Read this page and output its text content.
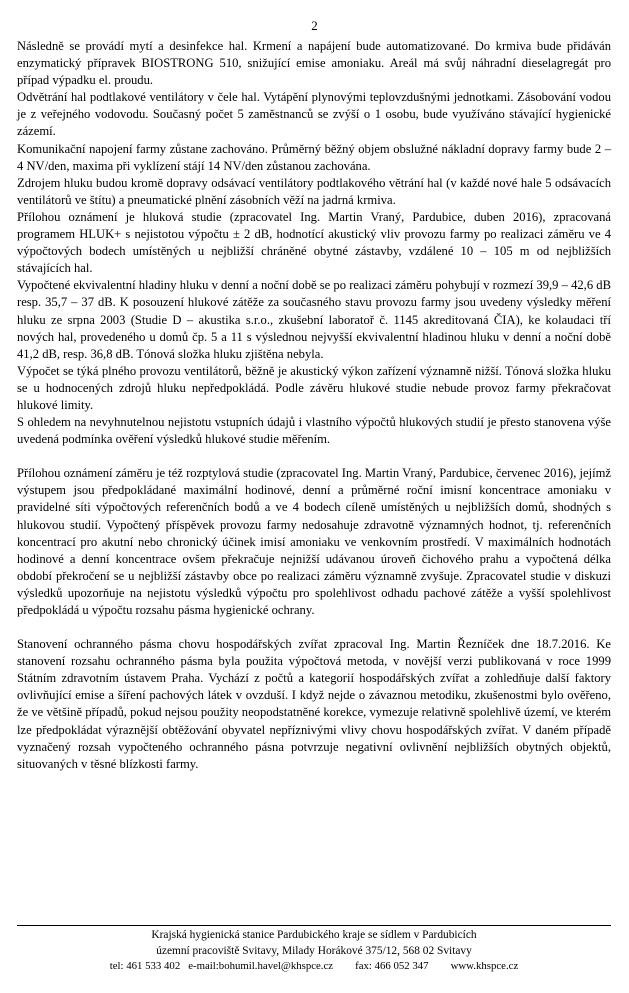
2

Následně se provádí mytí a desinfekce hal. Krmení a napájení bude automatizované. Do krmiva bude přidáván enzymatický přípravek BIOSTRONG 510, snižující emise amoniaku. Areál má svůj náhradní dieselagregát pro případ výpadku el. proudu.

Odvětrání hal podtlakové ventilátory v čele hal. Vytápění plynovými teplovzdušnými jednotkami. Zásobování vodou je z veřejného vodovodu. Současný počet 5 zaměstnanců se zvýší o 1 osobu, bude využíváno stávající hygienické zázemí.

Komunikační napojení farmy zůstane zachováno. Průměrný běžný objem obslužné nákladní dopravy farmy bude 2 – 4 NV/den, maxima při vyklízení stájí 14 NV/den zůstanou zachována.

Zdrojem hluku budou kromě dopravy odsávací ventilátory podtlakového větrání hal (v každé nové hale 5 odsávacích ventilátorů ve štítu) a pneumatické plnění zásobních věží na jadrná krmiva.

Přílohou oznámení je hluková studie (zpracovatel Ing. Martin Vraný, Pardubice, duben 2016), zpracovaná programem HLUK+ s nejistotou výpočtu ± 2 dB, hodnotící akustický vliv provozu farmy po realizaci záměru ve 4 výpočtových bodech umístěných u nejbližší chráněné obytné zástavby, vzdálené 10 – 105 m od nejbližších stávajících hal.

Vypočtené ekvivalentní hladiny hluku v denní a noční době se po realizaci záměru pohybují v rozmezí 39,9 – 42,6 dB resp. 35,7 – 37 dB. K posouzení hlukové zátěže za současného stavu provozu farmy jsou uvedeny výsledky měření hluku ze srpna 2003 (Studie D – akustika s.r.o., zkušební laboratoř č. 1145 akreditovaná ČIA), ke kolaudaci tří nových hal, provedeného u domů čp. 5 a 11 s výslednou nejvyšší ekvivalentní hladinou hluku v denní a noční době 41,2 dB, resp. 36,8 dB. Tónová složka hluku zjištěna nebyla.

Výpočet se týká plného provozu ventilátorů, běžně je akustický výkon zařízení významně nižší. Tónová složka hluku se u hodnocených zdrojů hluku nepředpokládá. Podle závěru hlukové studie nebude provoz farmy překračovat hlukové limity.

S ohledem na nevyhnutelnou nejistotu vstupních údajů i vlastního výpočtů hlukových studií je přesto stanovena výše uvedená podmínka ověření výsledků hlukové studie měřením.

Přílohou oznámení záměru je též rozptylová studie (zpracovatel Ing. Martin Vraný, Pardubice, červenec 2016), jejímž výstupem jsou předpokládané maximální hodinové, denní a průměrné roční imisní koncentrace amoniaku v pravidelné síti výpočtových referenčních bodů a ve 4 bodech cíleně umístěných u nejbližších domů, shodných s hlukovou studií. Vypočtený příspěvek provozu farmy nedosahuje zdravotně významných hodnot, tj. referenčních koncentrací pro akutní nebo chronický účinek imisí amoniaku ve venkovním prostředí. V maximálních hodnotách hodinové a denní koncentrace ovšem překračuje nejnižší udávanou úroveň čichového prahu a vypočtená délka období překročení se u nejbližší zástavby obce po realizaci záměru významně zvyšuje. Zpracovatel studie v diskuzi výsledků upozorňuje na nejistotu výsledků výpočtu pro spolehlivost odhadu pachové zátěže a vyšší spolehlivost předpokládá u výpočtu rozsahu pásma hygienické ochrany.

Stanovení ochranného pásma chovu hospodářských zvířat zpracoval Ing. Martin Řezníček dne 18.7.2016. Ke stanovení rozsahu ochranného pásma byla použita výpočtová metoda, v novější verzi publikovaná v roce 1999 Státním zdravotním ústavem Praha. Vychází z počtů a kategorií hospodářských zvířat a zohledňuje další faktory ovlivňující emise a šíření pachových látek v ovzduší. I když nejde o závaznou metodiku, zkušenostmi bylo ověřeno, že ve většině případů, pokud nejsou použity neopodstatněné korekce, vymezuje relativně spolehlivě území, ve kterém lze předpokládat výraznější obtěžování obyvatel nepříznivými vlivy chovu hospodářských zvířat. V daném případě vyznačený rozsah vypočteného ochranného pásna potvrzuje negativní ovlivnění nejbližších obytných objektů, situovaných v těsné blízkosti farmy.

Krajská hygienická stanice Pardubického kraje se sídlem v Pardubicích
územní pracoviště Svitavy, Milady Horákové 375/12, 568 02 Svitavy
tel: 461 533 402 e-mail:bohumil.havel@khspce.cz fax: 466 052 347 www.khspce.cz
